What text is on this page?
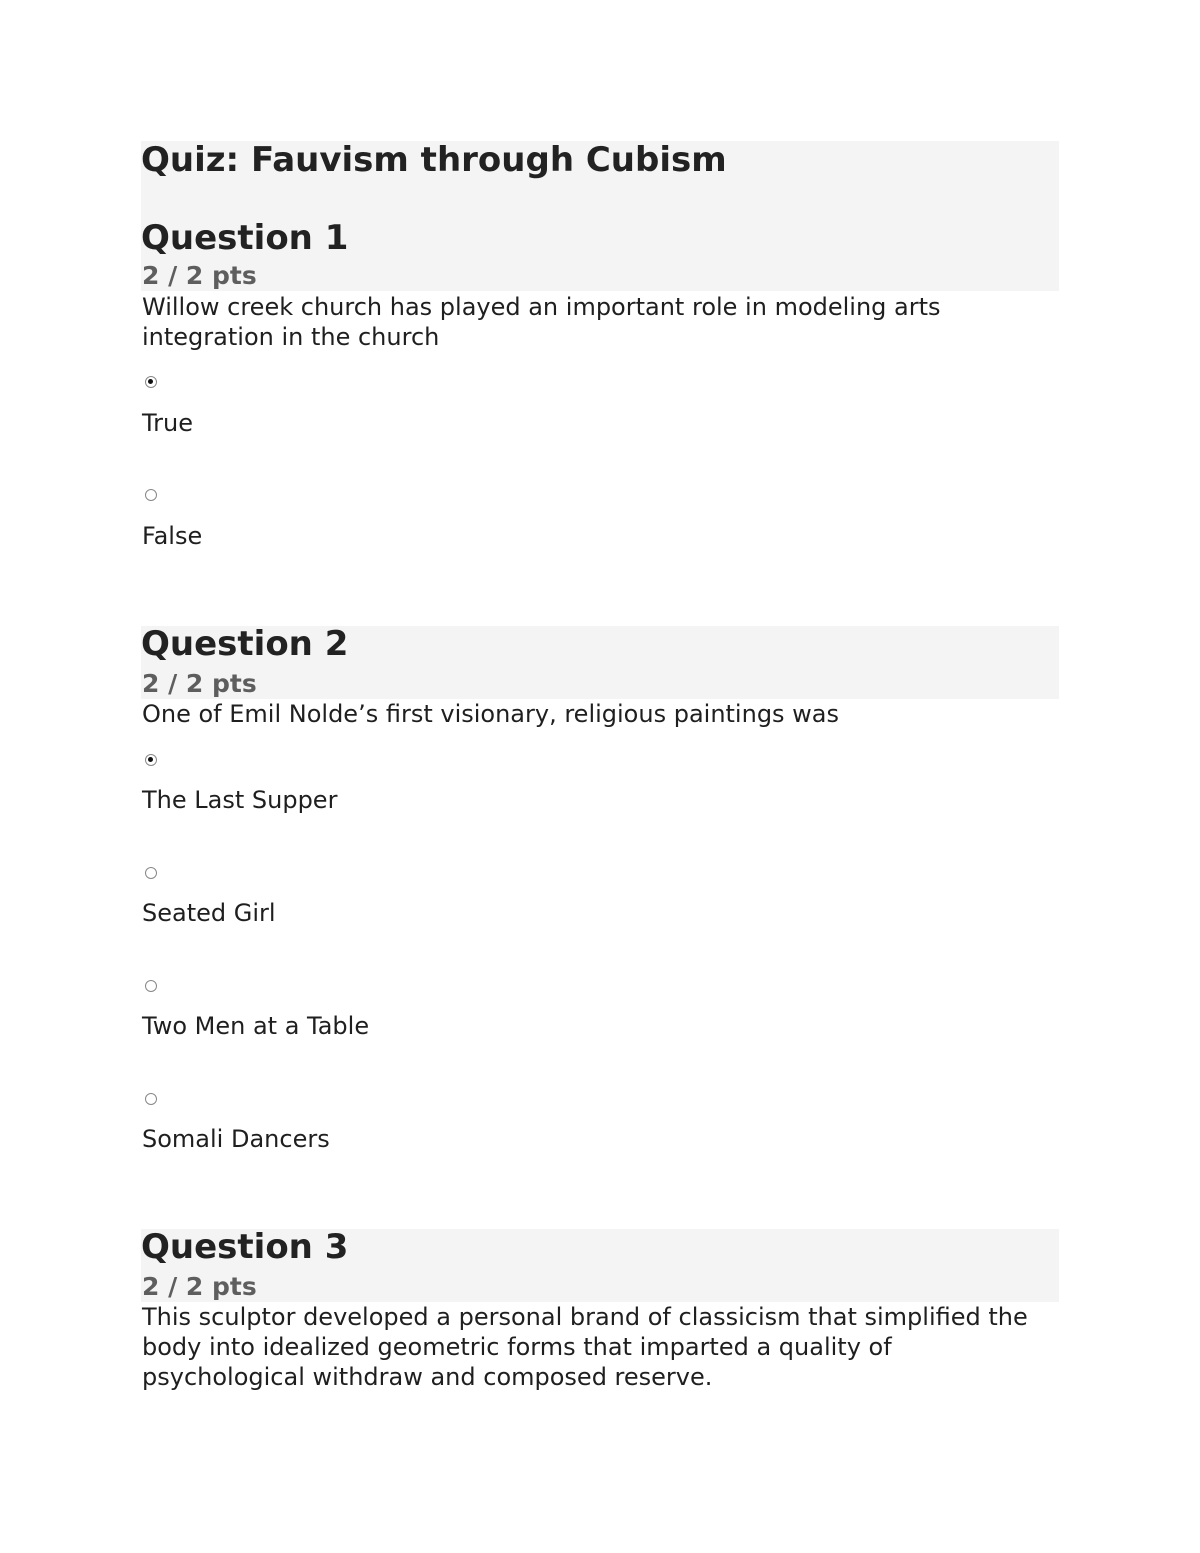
Quiz: Fauvism through Cubism
Question 1
2 / 2 pts
Willow creek church has played an important role in modeling arts integration in the church
True
False
Question 2
2 / 2 pts
One of Emil Nolde’s first visionary, religious paintings was
The Last Supper
Seated Girl
Two Men at a Table
Somali Dancers
Question 3
2 / 2 pts
This sculptor developed a personal brand of classicism that simplified the body into idealized geometric forms that imparted a quality of psychological withdraw and composed reserve.
